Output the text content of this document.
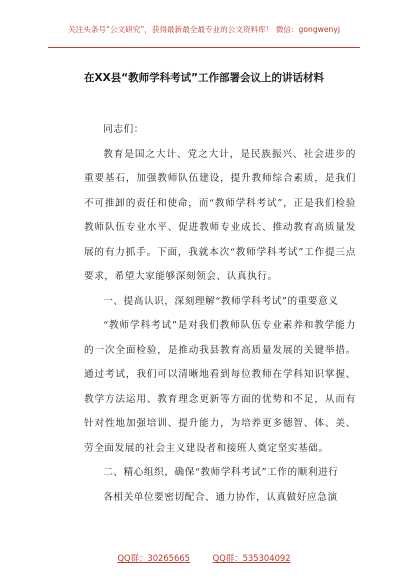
关注头条号“公文研究”，获得最新最全最专业的公文资料库！ 微信：gongwenyj
在XX县“教师学科考试”工作部署会议上的讲话材料

同志们：

教育是国之大计、党之大计，是民族振兴、社会进步的重要基石，加强教师队伍建设，提升教师综合素质，是我们不可推卸的责任和使命，而“教师学科考试”，正是我们检验教师队伍专业水平、促进教师专业成长、推动教育高质量发展的有力抓手。下面，我就本次“教师学科考试”工作提三点要求，希望大家能够深刻领会、认真执行。

一、提高认识，深刻理解“教师学科考试”的重要意义

“教师学科考试”是对我们教师队伍专业素养和教学能力的一次全面检验，是推动我县教育高质量发展的关键举措。通过考试，我们可以清晰地看到每位教师在学科知识掌握、教学方法运用、教育理念更新等方面的优势和不足，从而有针对性地加强培训、提升能力，为培养更多德智、体、美、劳全面发展的社会主义建设者和接班人奠定坚实基础。

二、精心组织，确保“教师学科考试”工作的顺利进行

各相关单位要密切配合、通力协作，认真做好应急演

QQ群：30265665	QQ群：535304092
